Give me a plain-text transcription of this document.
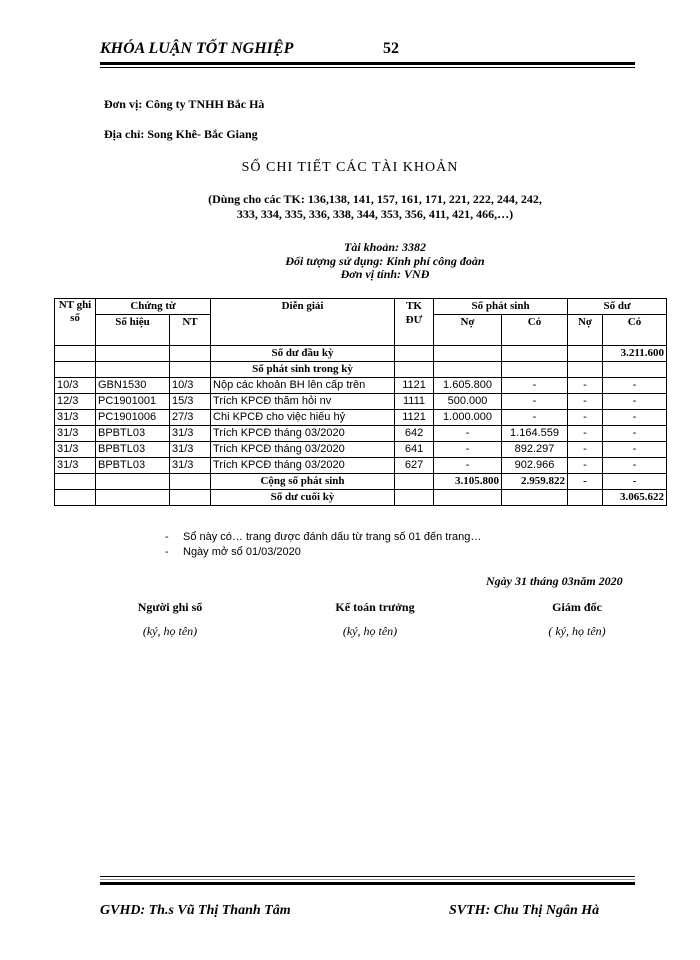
KHÓA LUẬN TỐT NGHIỆP	52
Đơn vị: Công ty TNHH Bắc Hà
Địa chỉ: Song Khê- Bắc Giang
SỔ CHI TIẾT CÁC TÀI KHOẢN
(Dùng cho các TK: 136,138, 141, 157, 161, 171, 221, 222, 244, 242,
333, 334, 335, 336, 338, 344, 353, 356, 411, 421, 466,…)
Tài khoản: 3382
Đối tượng sử dụng: Kinh phí công đoàn
Đơn vị tính: VNĐ
NT ghi sổ	Chứng từ		Diễn giải	TK ĐƯ	Số phát sinh		Số dư	
	Số hiệu	NT			Nợ	Có	Nợ	Có
			Số dư đầu kỳ					3.211.600
			Số phát sinh trong kỳ					
10/3	GBN1530	10/3	Nộp các khoản BH lên cấp trên	1121	1.605.800	-	-	-
12/3	PC1901001	15/3	Trích KPCĐ thăm hỏi nv	1111	500.000	-	-	-
31/3	PC1901006	27/3	Chi KPCĐ cho việc hiếu hỷ	1121	1.000.000	-	-	-
31/3	BPBTL03	31/3	Trích KPCĐ tháng 03/2020	642	-	1.164.559	-	-
31/3	BPBTL03	31/3	Trích KPCĐ tháng 03/2020	641	-	892.297	-	-
31/3	BPBTL03	31/3	Trích KPCĐ tháng 03/2020	627	-	902.966	-	-
			Cộng số phát sinh		3.105.800	2.959.822	-	-
			Số dư cuối kỳ					3.065.622
- Sổ này có… trang được đánh dấu từ trang số 01 đến trang…
- Ngày mở sổ 01/03/2020
Ngày 31 tháng 03năm 2020
Người ghi sổ	Kế toán trưởng	Giám đốc
(ký, họ tên)	(ký, họ tên)	( ký, họ tên)
GVHD: Th.s Vũ Thị Thanh Tâm	SVTH: Chu Thị Ngân Hà
